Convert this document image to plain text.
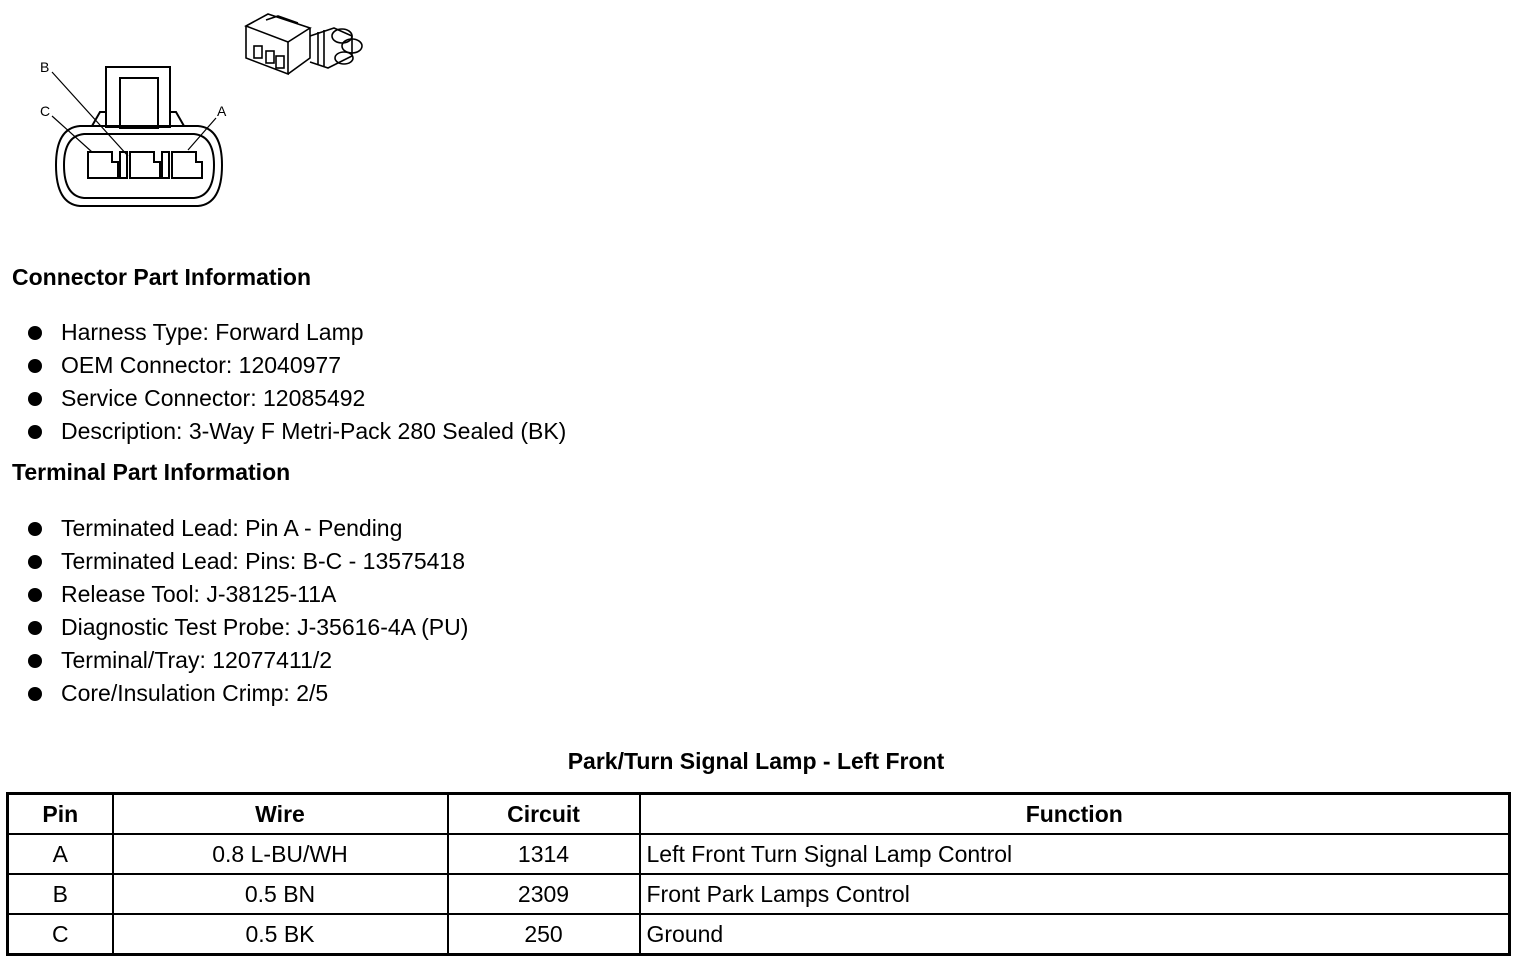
B
C	A
Connector Part Information
Harness Type: Forward Lamp
OEM Connector: 12040977
Service Connector: 12085492
Description: 3-Way F Metri-Pack 280 Sealed (BK)
Terminal Part Information
Terminated Lead: Pin A - Pending
Terminated Lead: Pins: B-C - 13575418
Release Tool: J-38125-11A
Diagnostic Test Probe: J-35616-4A (PU)
Terminal/Tray: 12077411/2
Core/Insulation Crimp: 2/5
Park/Turn Signal Lamp - Left Front
Pin	Wire	Circuit	Function
A	0.8 L-BU/WH	1314	Left Front Turn Signal Lamp Control
B	0.5 BN	2309	Front Park Lamps Control
C	0.5 BK	250	Ground
